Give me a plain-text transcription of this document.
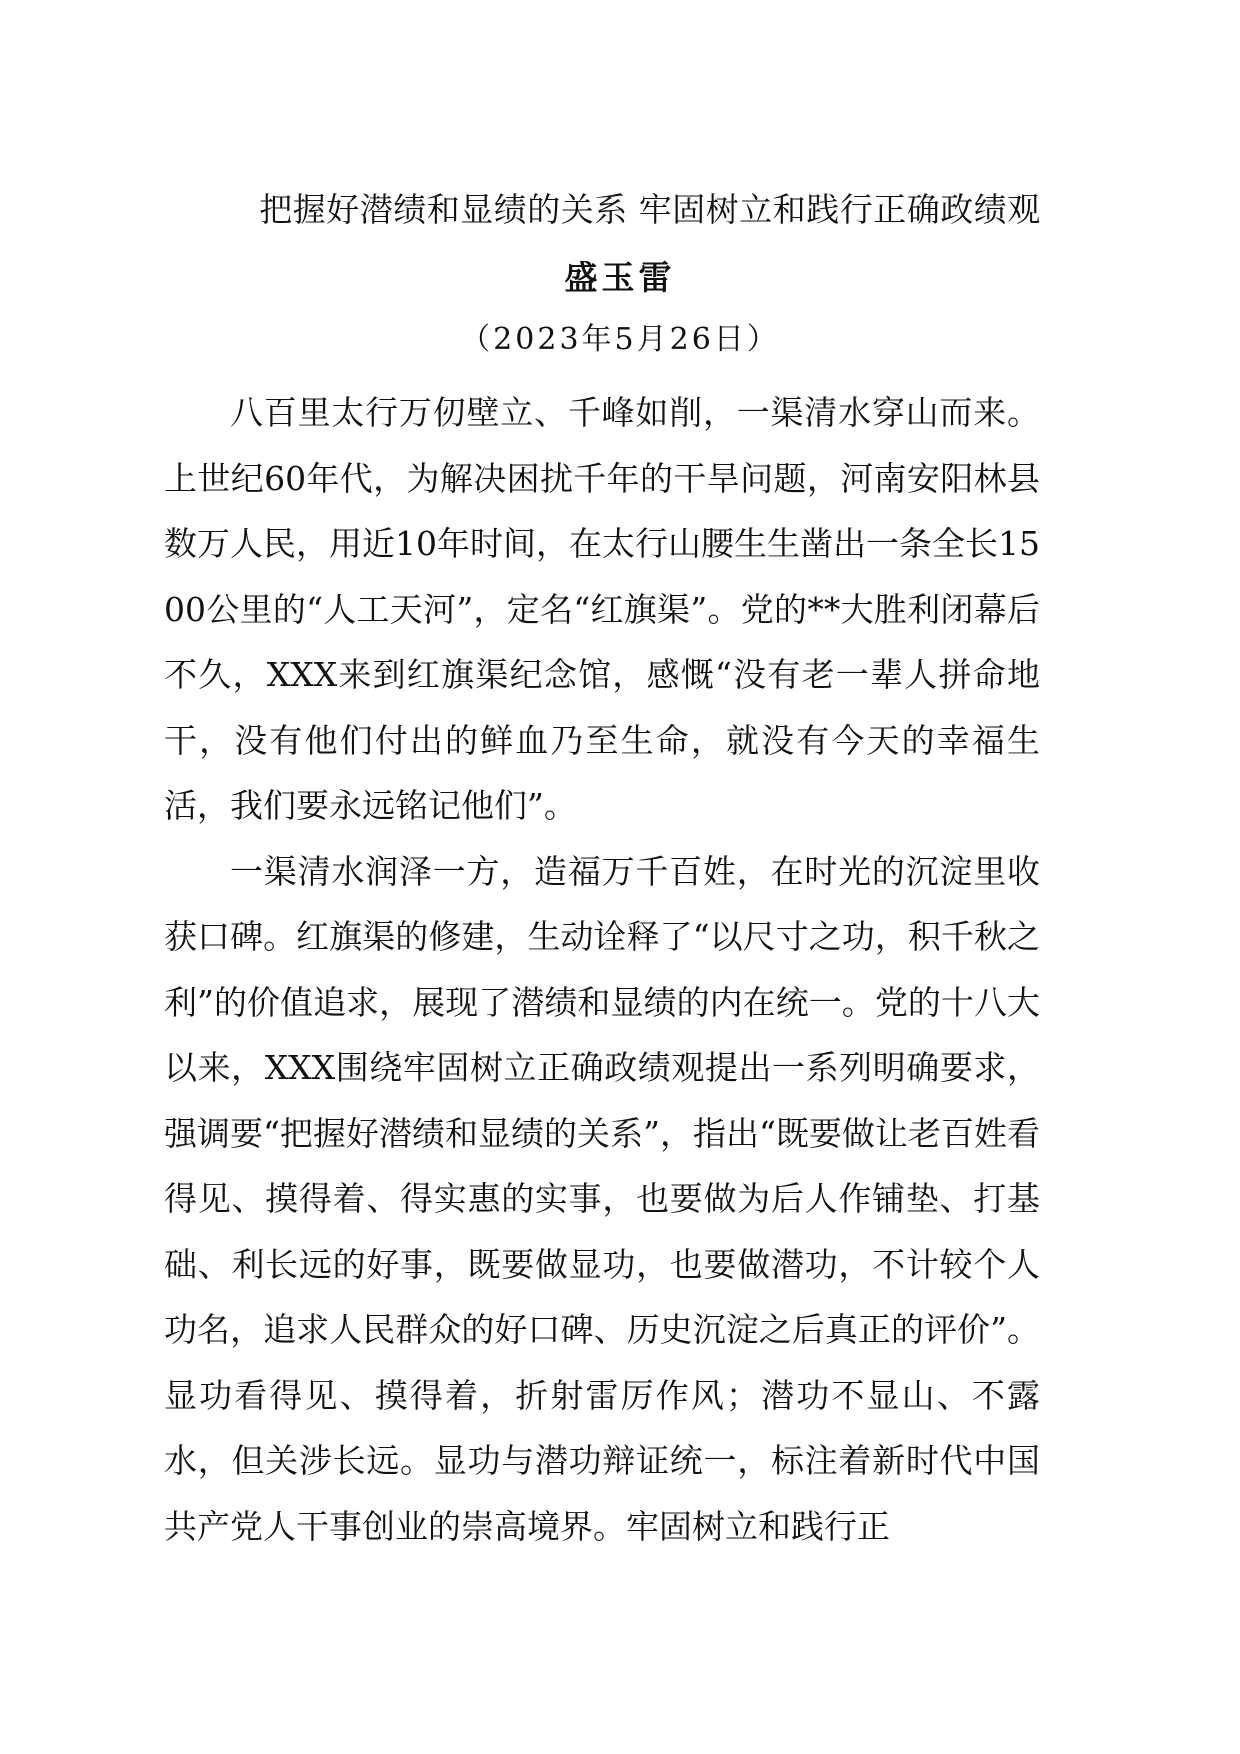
把握好潜绩和显绩的关系 牢固树立和践行正确政绩观
盛玉雷
（2023年5月26日）

八百里太行万仞壁立、千峰如削，一渠清水穿山而来。上世纪60年代，为解决困扰千年的干旱问题，河南安阳林县数万人民，用近10年时间，在太行山腰生生凿出一条全长1500公里的“人工天河”，定名“红旗渠”。党的**大胜利闭幕后不久，XXX来到红旗渠纪念馆，感慨“没有老一辈人拼命地干，没有他们付出的鲜血乃至生命，就没有今天的幸福生活，我们要永远铭记他们”。

一渠清水润泽一方，造福万千百姓，在时光的沉淀里收获口碑。红旗渠的修建，生动诠释了“以尺寸之功，积千秋之利”的价值追求，展现了潜绩和显绩的内在统一。党的十八大以来，XXX围绕牢固树立正确政绩观提出一系列明确要求，强调要“把握好潜绩和显绩的关系”，指出“既要做让老百姓看得见、摸得着、得实惠的实事，也要做为后人作铺垫、打基础、利长远的好事，既要做显功，也要做潜功，不计较个人功名，追求人民群众的好口碑、历史沉淀之后真正的评价”。显功看得见、摸得着，折射雷厉作风；潜功不显山、不露水，但关涉长远。显功与潜功辩证统一，标注着新时代中国共产党人干事创业的崇高境界。牢固树立和践行正
